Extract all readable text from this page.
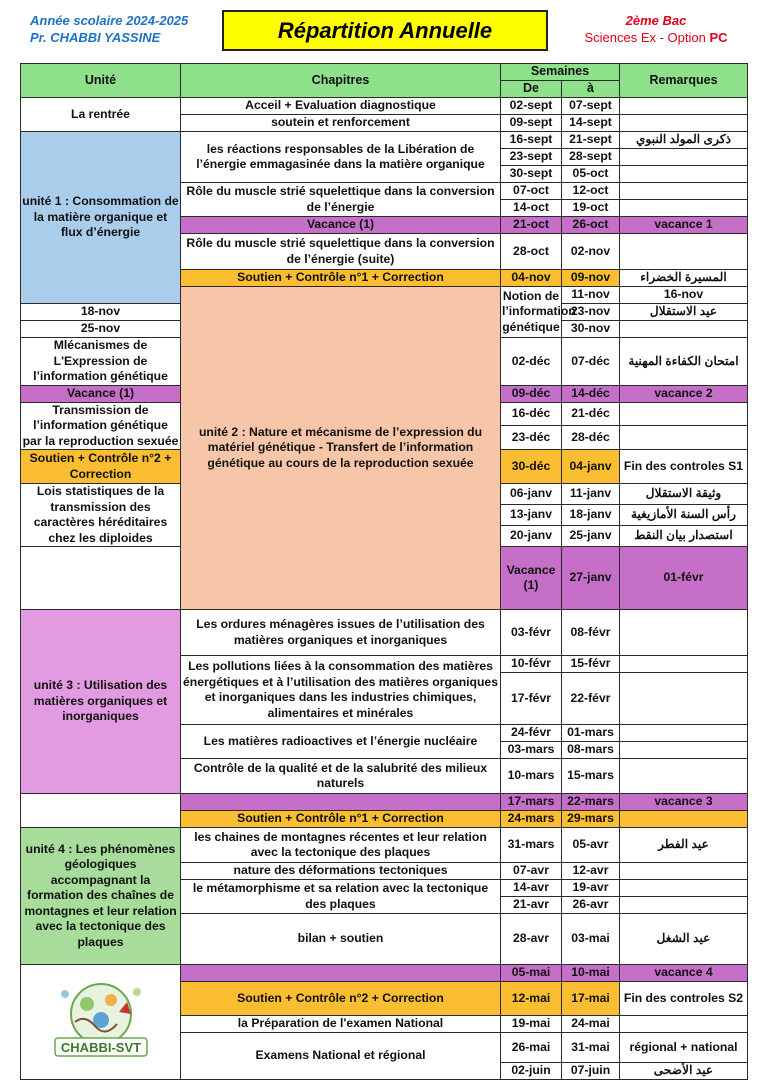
Année scolaire 2024-2025
Pr. CHABBI YASSINE	Répartition Annuelle	2ème Bac
Sciences Ex - Option PC
Unité	Chapitres	Semaines		Remarques	
		De	à		
La rentrée	Acceil + Evaluation diagnostique	02-sept	07-sept		
	soutein et renforcement	09-sept	14-sept		
unité 1 : Consommation de la matière organique et flux d’énergie	les réactions responsables de la Libération de l’énergie emmagasinée dans la matière organique	16-sept	21-sept	ذكرى المولد النبوي	
		23-sept	28-sept		
		30-sept	05-oct		
	Rôle du muscle strié squelettique dans la conversion de l’énergie	07-oct	12-oct		
		14-oct	19-oct		
	Vacance (1)	21-oct	26-oct	vacance 1	
	Rôle du muscle strié squelettique dans la conversion de l’énergie (suite)	28-oct	02-nov		
	Soutien + Contrôle n°1 + Correction	04-nov	09-nov	المسيرة الخضراء	
	unité 2 : Nature et mécanisme de l’expression du matériel génétique - Transfert de l’information génétique au cours de la reproduction sexuée	Notion de l’information génétique	11-nov	16-nov	
18-nov			23-nov	عيد الاستقلال	
25-nov			30-nov		
Mlécanismes de L'Expression de l’information génétique		02-déc	07-déc	امتحان الكفاءة المهنية	
Vacance (1)		09-déc	14-déc	vacance 2	
Transmission de l’information génétique par la reproduction sexuée		16-déc	21-déc		
		23-déc	28-déc		
Soutien + Contrôle n°2 + Correction		30-déc	04-janv	Fin des controles S1	
Lois statistiques de la transmission des caractères héréditaires chez les diploides		06-janv	11-janv	وثيقة الاستقلال	
		13-janv	18-janv	رأس السنة الأمازيغية	
		20-janv	25-janv	استصدار بيان النقط	
		Vacance (1)	27-janv	01-févr	
unité 3 : Utilisation des matières organiques et inorganiques	Les ordures ménagères issues de l’utilisation des matières organiques et inorganiques	03-févr	08-févr		
	Les pollutions liées à la consommation des matières énergétiques et à l’utilisation des matières organiques et inorganiques dans les industries chimiques, alimentaires et minérales	10-févr	15-févr		
		17-févr	22-févr		
	Les matières radioactives et l’énergie nucléaire	24-févr	01-mars		
		03-mars	08-mars		
	Contrôle de la qualité et de la salubrité des milieux naturels	10-mars	15-mars		
		17-mars	22-mars	vacance 3	
	Soutien + Contrôle n°1 + Correction	24-mars	29-mars		
unité 4 : Les phénomènes géologiques accompagnant la formation des chaînes de montagnes et leur relation avec la tectonique des plaques	les chaines de montagnes récentes et leur relation avec la tectonique des plaques	31-mars	05-avr	عيد الفطر	
	nature des déformations tectoniques	07-avr	12-avr		
	le métamorphisme et sa relation avec la tectonique des plaques	14-avr	19-avr		
		21-avr	26-avr		
	bilan + soutien	28-avr	03-mai	عيد الشغل	

CHABBI-SVT		05-mai	10-mai	vacance 4	
	Soutien + Contrôle n°2 + Correction	12-mai	17-mai	Fin des controles S2	
	la Préparation de l'examen National	19-mai	24-mai		
	Examens National et régional	26-mai	31-mai	régional + national	
		02-juin	07-juin	عيد الأضحى	
